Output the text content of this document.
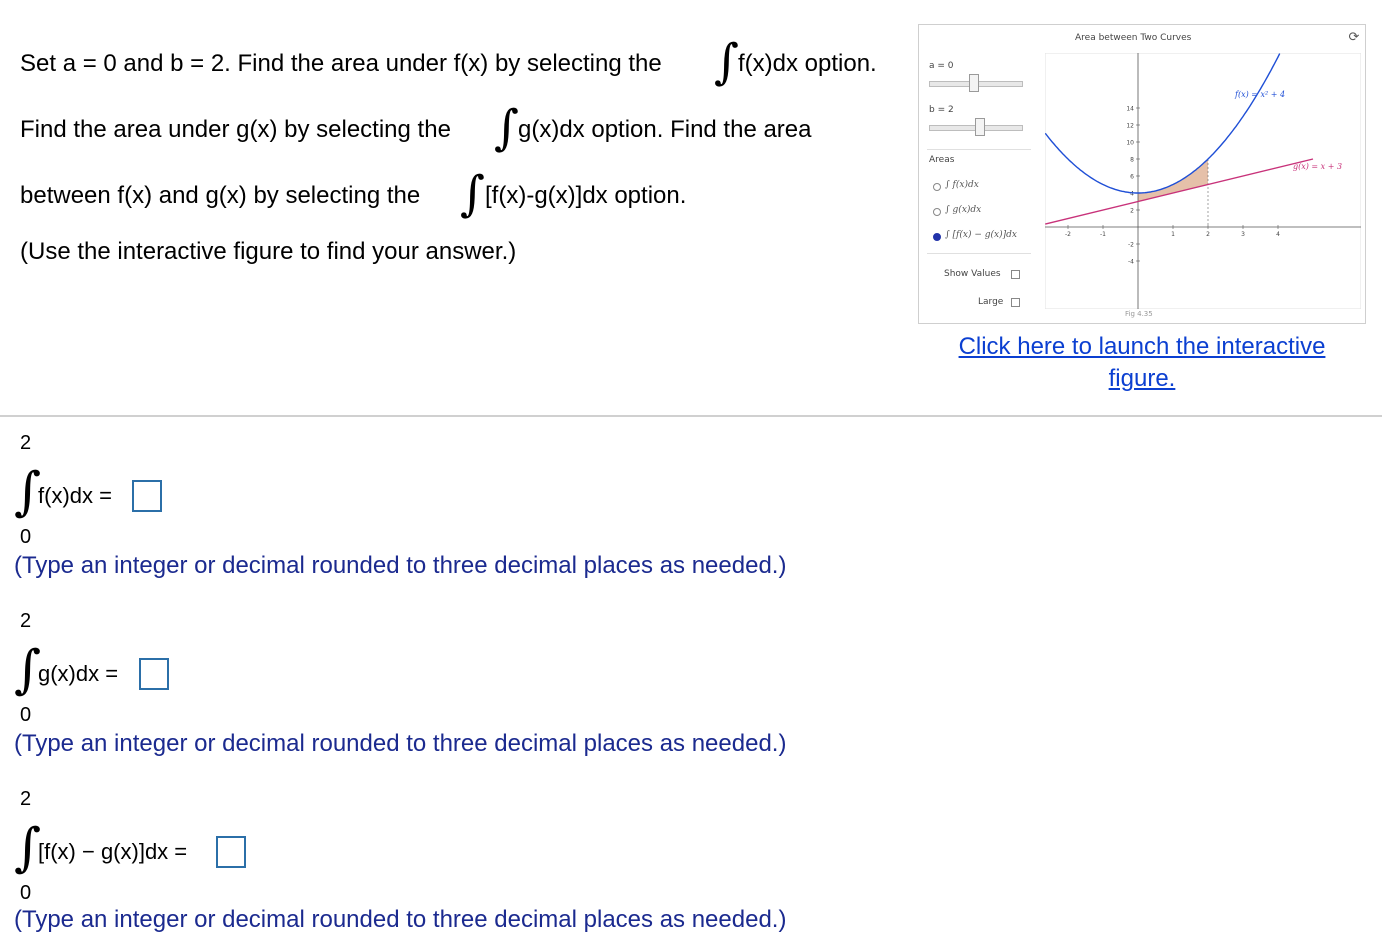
Set a = 0 and b = 2. Find the area under f(x) by selecting the ∫
f(x)dx option.
Find the area under g(x) by selecting the ∫
g(x)dx option. Find the area
between f(x) and g(x) by selecting the ∫ [f(x)-g(x)]dx option.
(Use the interactive figure to find your answer.)
Area between Two Curves	⟳
a = 0
b = 2
Areas
∫ f(x)dx
∫ g(x)dx
∫ [f(x) − g(x)]dx
Show Values
Large
Fig 4.35
14
12
10
8
6
4
2
-2
-4
-2	-1	1	2	3	4
f(x) = x² + 4
g(x) = x + 3
Click here to launch the interactive
figure.
2
∫
f(x)dx =
0
(Type an integer or decimal rounded to three decimal places as needed.)
2
∫
g(x)dx =
0
(Type an integer or decimal rounded to three decimal places as needed.)
2
∫
[f(x) − g(x)]dx =
0
(Type an integer or decimal rounded to three decimal places as needed.)
